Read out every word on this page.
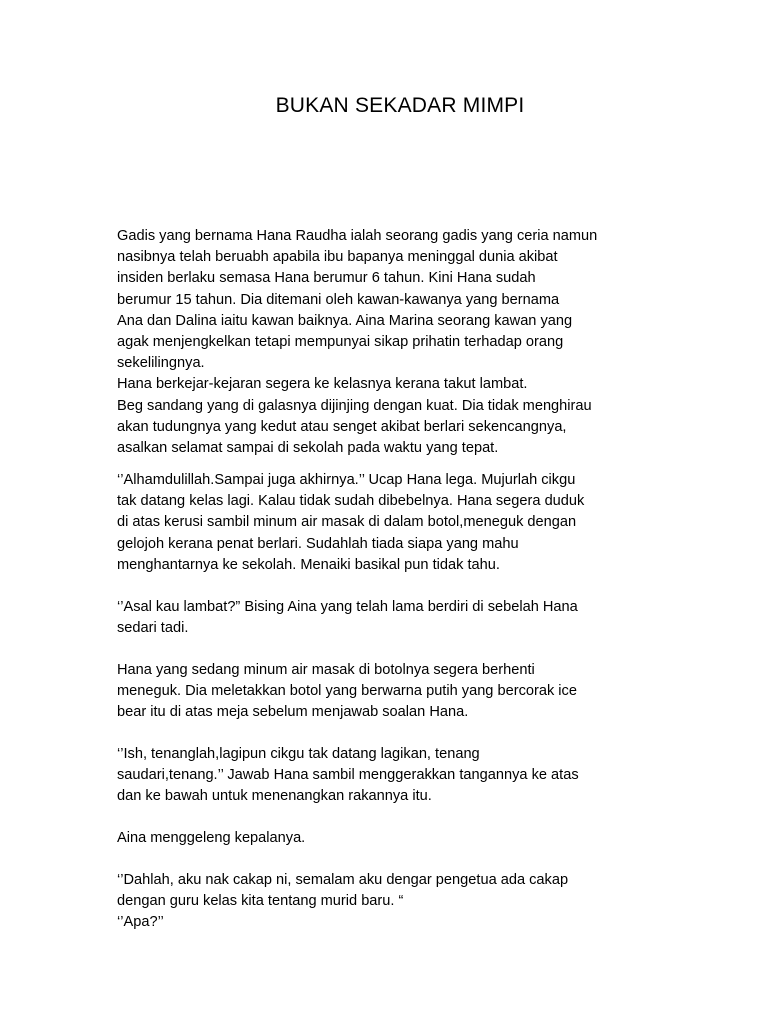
BUKAN SEKADAR MIMPI
Gadis yang bernama Hana Raudha ialah seorang gadis yang ceria namun
nasibnya telah beruabh apabila ibu bapanya meninggal dunia akibat
insiden berlaku semasa Hana berumur 6 tahun. Kini Hana sudah
berumur 15 tahun. Dia ditemani oleh kawan-kawanya yang bernama
Ana dan Dalina iaitu kawan baiknya. Aina Marina seorang kawan yang
agak menjengkelkan tetapi mempunyai sikap prihatin terhadap orang
sekelilingnya.
Hana berkejar-kejaran segera ke kelasnya kerana takut lambat.
Beg sandang yang di galasnya dijinjing dengan kuat. Dia tidak menghirau
akan tudungnya yang kedut atau senget akibat berlari sekencangnya,
asalkan selamat sampai di sekolah pada waktu yang tepat.
‘’Alhamdulillah.Sampai juga akhirnya.’’ Ucap Hana lega. Mujurlah cikgu
tak datang kelas lagi. Kalau tidak sudah dibebelnya. Hana segera duduk
di atas kerusi sambil minum air masak di dalam botol,meneguk dengan
gelojoh kerana penat berlari. Sudahlah tiada siapa yang mahu
menghantarnya ke sekolah. Menaiki basikal pun tidak tahu.
‘’Asal kau lambat?” Bising Aina yang telah lama berdiri di sebelah Hana
sedari tadi.
Hana yang sedang minum air masak di botolnya segera berhenti
meneguk. Dia meletakkan botol yang berwarna putih yang bercorak ice
bear itu di atas meja sebelum menjawab soalan Hana.
‘’Ish, tenanglah,lagipun cikgu tak datang lagikan, tenang
saudari,tenang.’’ Jawab Hana sambil menggerakkan tangannya ke atas
dan ke bawah untuk menenangkan rakannya itu.
Aina menggeleng kepalanya.
‘’Dahlah, aku nak cakap ni, semalam aku dengar pengetua ada cakap
dengan guru kelas kita tentang murid baru. “
‘’Apa?’’
